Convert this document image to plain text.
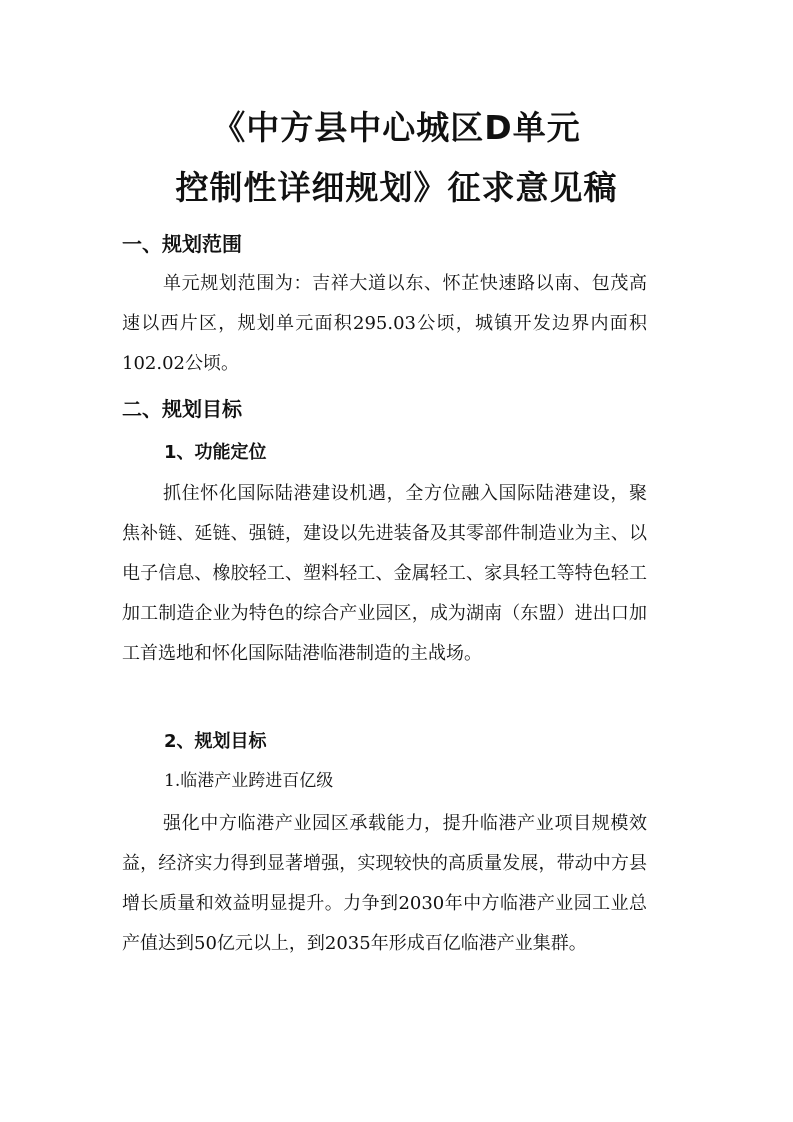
《中方县中心城区D单元
控制性详细规划》征求意见稿
一、规划范围

单元规划范围为：吉祥大道以东、怀芷快速路以南、包茂高速以西片区，规划单元面积295.03公顷，城镇开发边界内面积102.02公顷。

二、规划目标
1、功能定位

抓住怀化国际陆港建设机遇，全方位融入国际陆港建设，聚焦补链、延链、强链，建设以先进装备及其零部件制造业为主、以电子信息、橡胶轻工、塑料轻工、金属轻工、家具轻工等特色轻工加工制造企业为特色的综合产业园区，成为湖南（东盟）进出口加工首选地和怀化国际陆港临港制造的主战场。

2、规划目标
1.临港产业跨进百亿级

强化中方临港产业园区承载能力，提升临港产业项目规模效益，经济实力得到显著增强，实现较快的高质量发展，带动中方县增长质量和效益明显提升。力争到2030年中方临港产业园工业总产值达到50亿元以上，到2035年形成百亿临港产业集群。
